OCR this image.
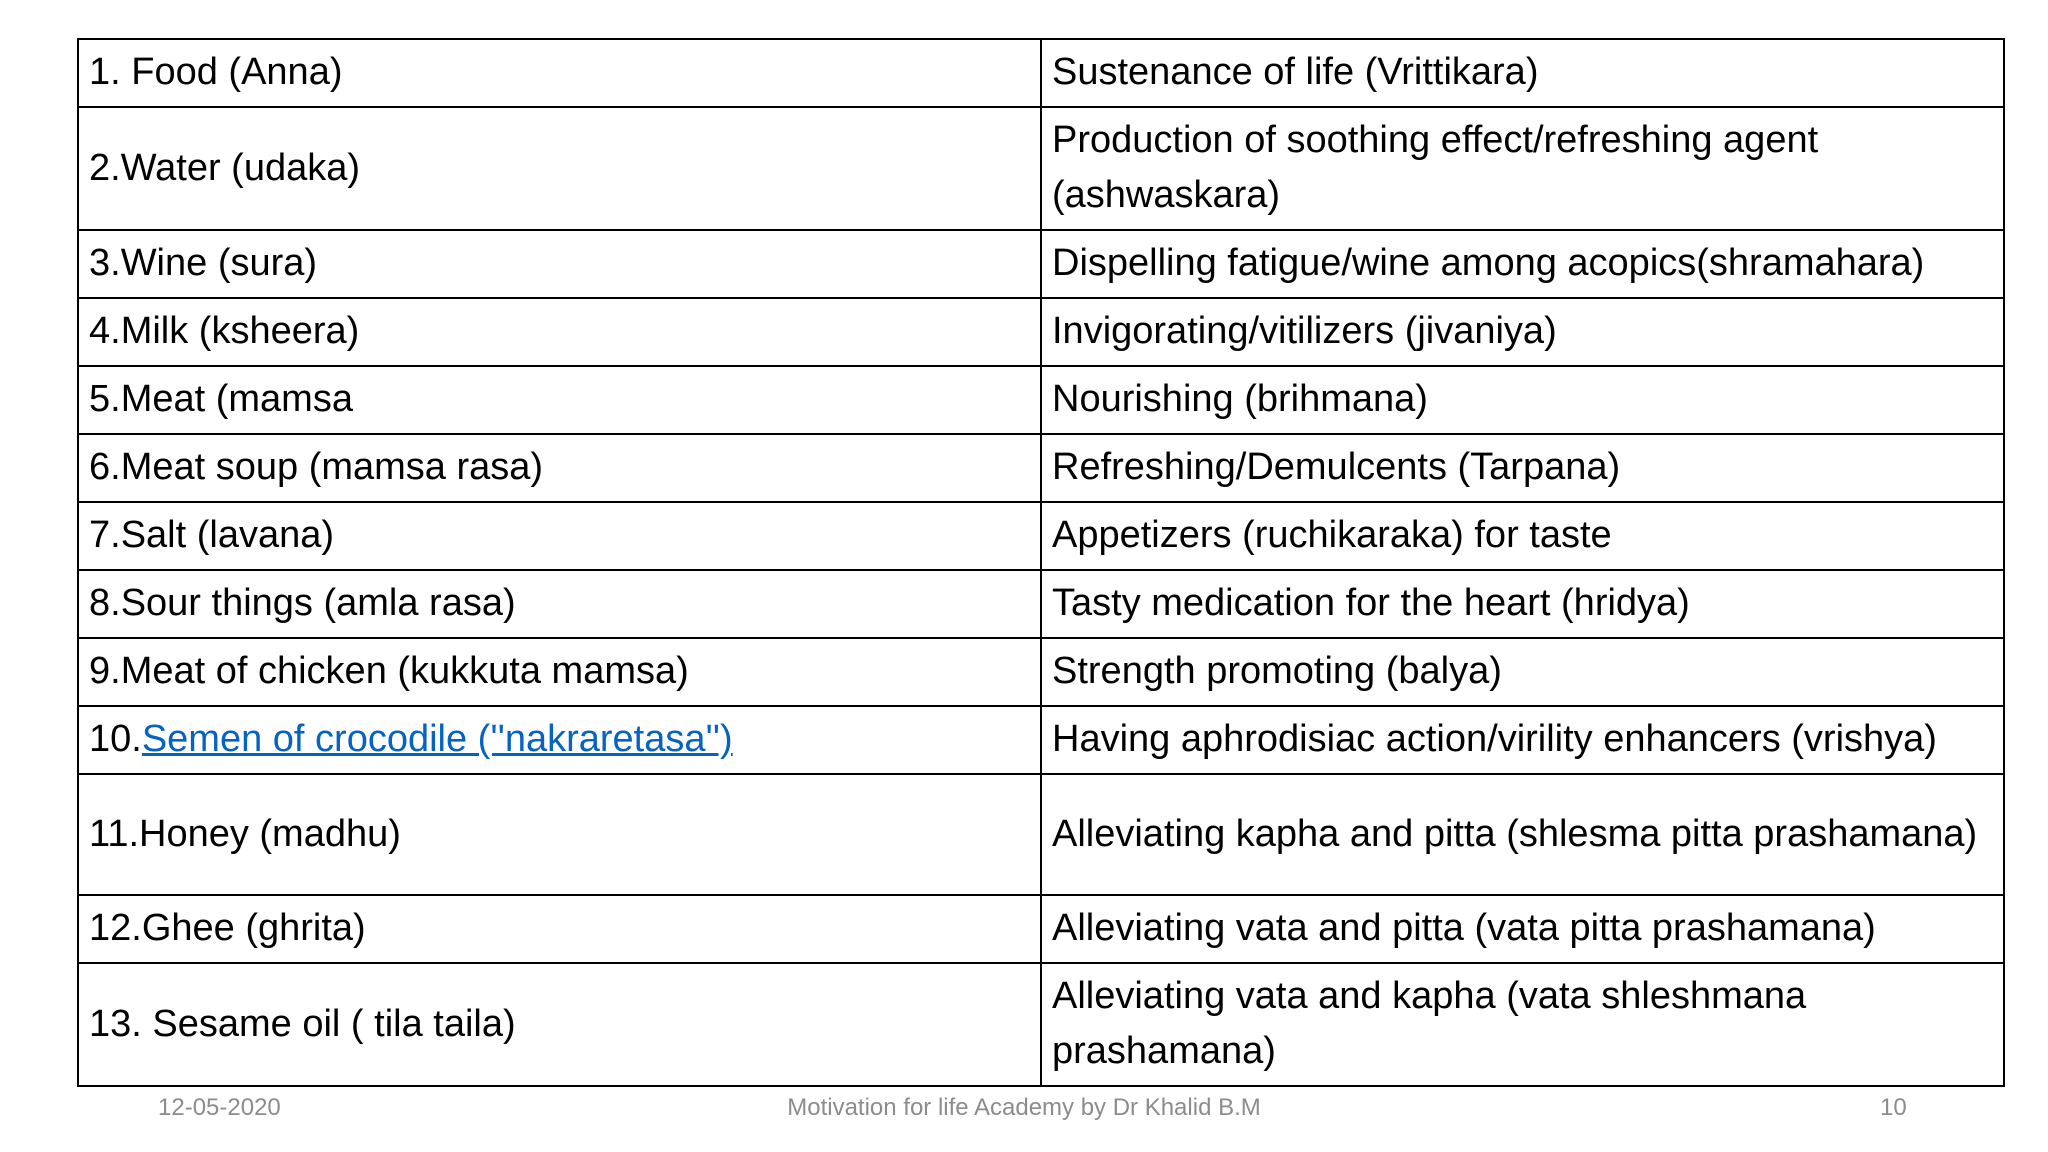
1. Food (Anna)	Sustenance of life (Vrittikara)
2.Water (udaka)	Production of soothing effect/refreshing agent (ashwaskara)
3.Wine (sura)	Dispelling fatigue/wine among acopics(shramahara)
4.Milk (ksheera)	Invigorating/vitilizers (jivaniya)
5.Meat (mamsa	Nourishing (brihmana)
6.Meat soup (mamsa rasa)	Refreshing/Demulcents (Tarpana)
7.Salt (lavana)	Appetizers (ruchikaraka) for taste
8.Sour things (amla rasa)	Tasty medication for the heart (hridya)
9.Meat of chicken (kukkuta mamsa)	Strength promoting (balya)
10.Semen of crocodile (''nakraretasa'')	Having aphrodisiac action/virility enhancers (vrishya)
11.Honey (madhu)	Alleviating kapha and pitta (shlesma pitta prashamana)
12.Ghee (ghrita)	Alleviating vata and pitta (vata pitta prashamana)
13. Sesame oil ( tila taila)	Alleviating vata and kapha (vata shleshmana prashamana)
12-05-2020	Motivation for life Academy by Dr Khalid B.M	10
